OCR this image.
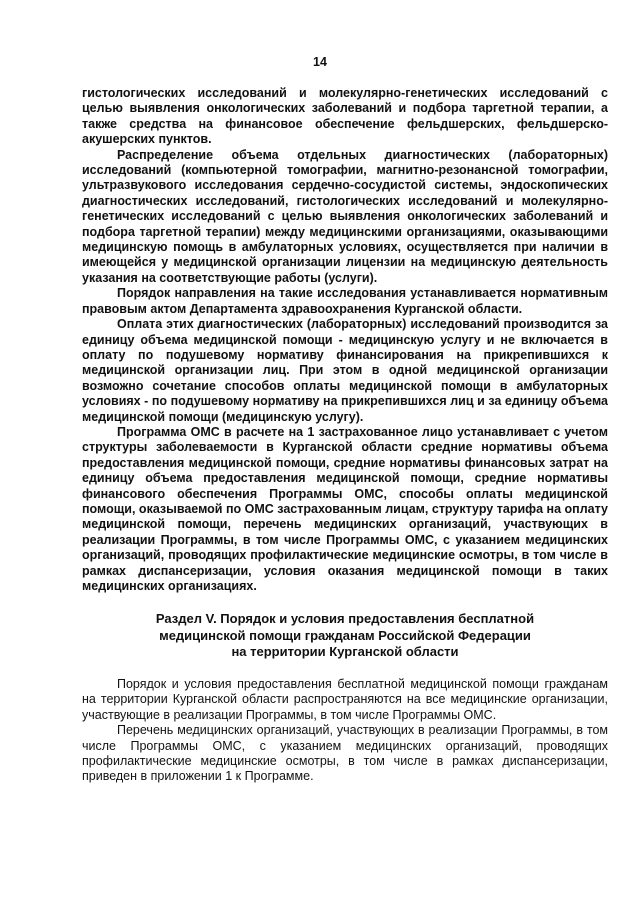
14

гистологических исследований и молекулярно-генетических исследований с целью выявления онкологических заболеваний и подбора таргетной терапии, а также средства на финансовое обеспечение фельдшерских, фельдшерско-акушерских пунктов.

Распределение объема отдельных диагностических (лабораторных) исследований (компьютерной томографии, магнитно-резонансной томографии, ультразвукового исследования сердечно-сосудистой системы, эндоскопических диагностических исследований, гистологических исследований и молекулярно-генетических исследований с целью выявления онкологических заболеваний и подбора таргетной терапии) между медицинскими организациями, оказывающими медицинскую помощь в амбулаторных условиях, осуществляется при наличии в имеющейся у медицинской организации лицензии на медицинскую деятельность указания на соответствующие работы (услуги).

Порядок направления на такие исследования устанавливается нормативным правовым актом Департамента здравоохранения Курганской области.

Оплата этих диагностических (лабораторных) исследований производится за единицу объема медицинской помощи - медицинскую услугу и не включается в оплату по подушевому нормативу финансирования на прикрепившихся к медицинской организации лиц. При этом в одной медицинской организации возможно сочетание способов оплаты медицинской помощи в амбулаторных условиях - по подушевому нормативу на прикрепившихся лиц и за единицу объема медицинской помощи (медицинскую услугу).

Программа ОМС в расчете на 1 застрахованное лицо устанавливает с учетом структуры заболеваемости в Курганской области средние нормативы объема предоставления медицинской помощи, средние нормативы финансовых затрат на единицу объема предоставления медицинской помощи, средние нормативы финансового обеспечения Программы ОМС, способы оплаты медицинской помощи, оказываемой по ОМС застрахованным лицам, структуру тарифа на оплату медицинской помощи, перечень медицинских организаций, участвующих в реализации Программы, в том числе Программы ОМС, с указанием медицинских организаций, проводящих профилактические медицинские осмотры, в том числе в рамках диспансеризации, условия оказания медицинской помощи в таких медицинских организациях.

Раздел V. Порядок и условия предоставления бесплатной
медицинской помощи гражданам Российской Федерации
на территории Курганской области

Порядок и условия предоставления бесплатной медицинской помощи гражданам на территории Курганской области распространяются на все медицинские организации, участвующие в реализации Программы, в том числе Программы ОМС.

Перечень медицинских организаций, участвующих в реализации Программы, в том числе Программы ОМС, с указанием медицинских организаций, проводящих профилактические медицинские осмотры, в том числе в рамках диспансеризации, приведен в приложении 1 к Программе.
